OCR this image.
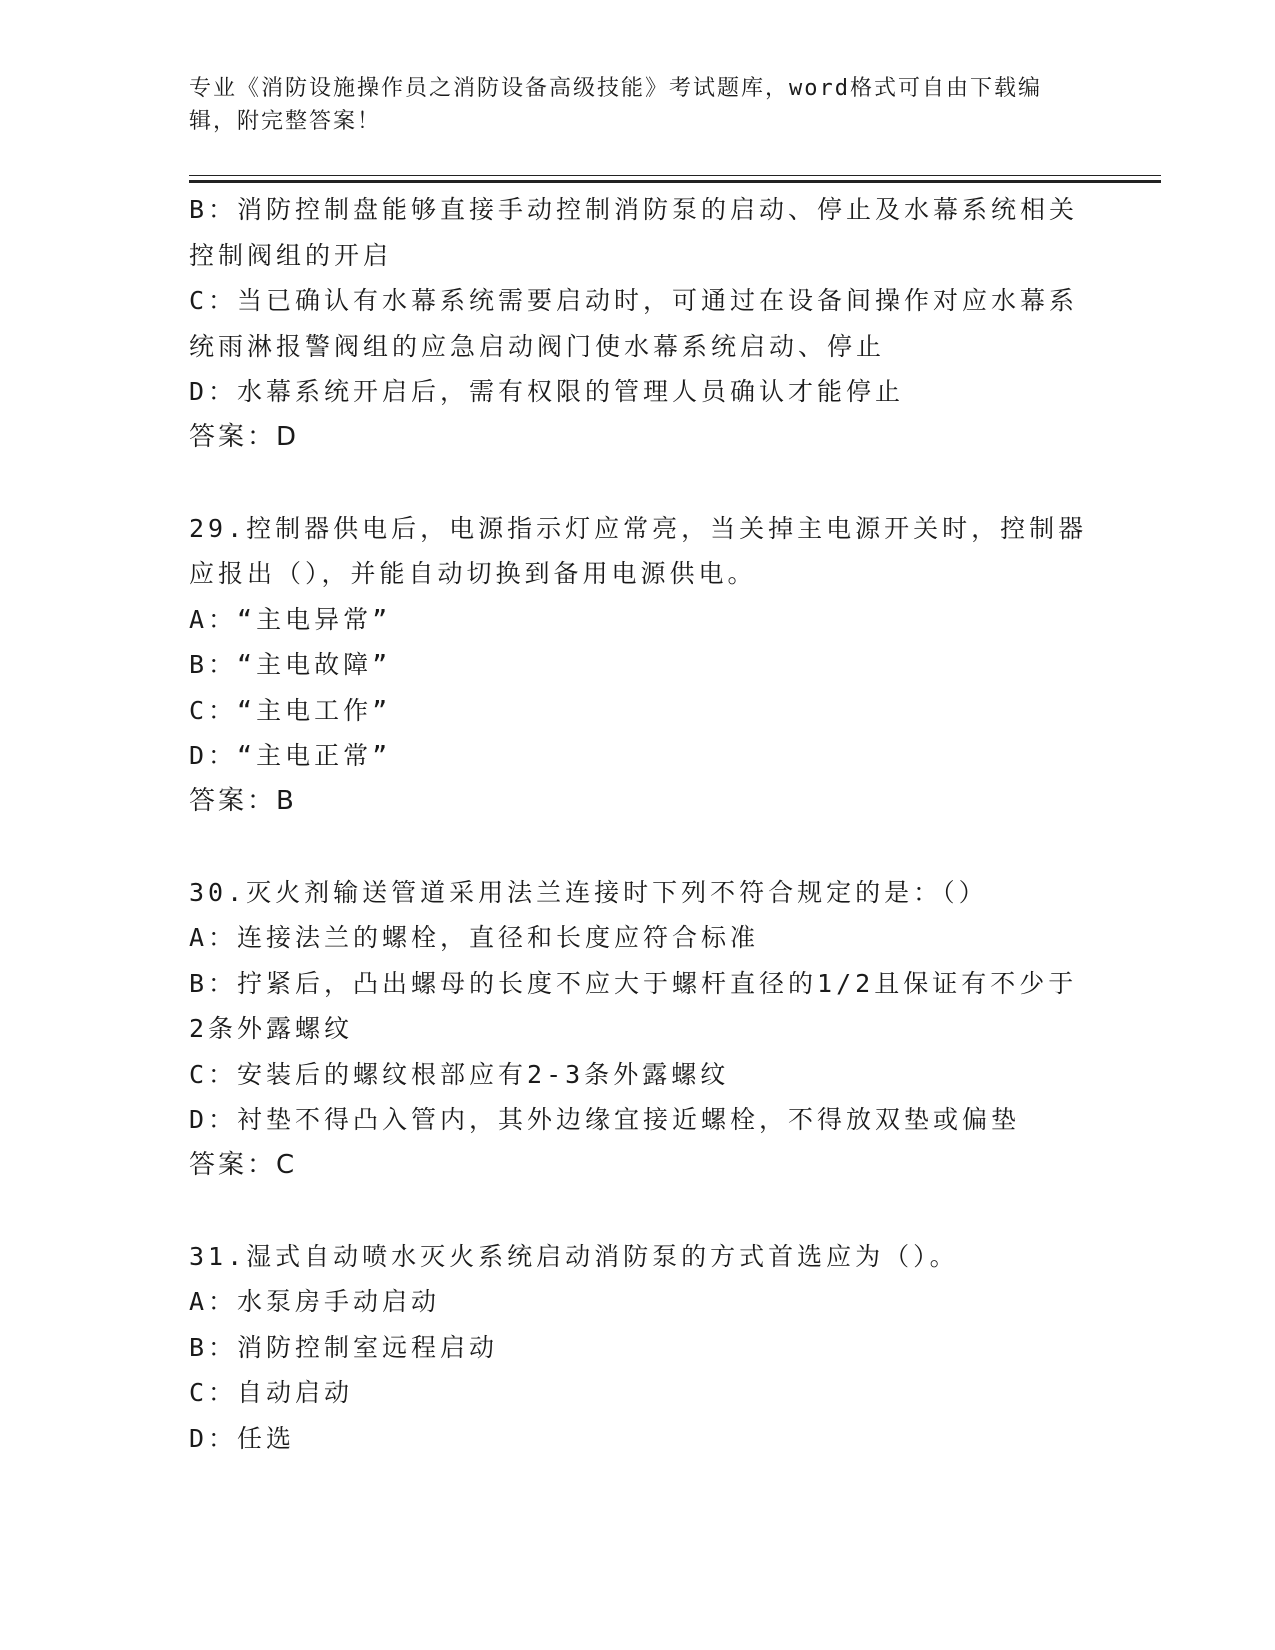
专业《消防设施操作员之消防设备高级技能》考试题库，word格式可自由下载编
辑，附完整答案！
B：消防控制盘能够直接手动控制消防泵的启动、停止及水幕系统相关
控制阀组的开启
C：当已确认有水幕系统需要启动时，可通过在设备间操作对应水幕系
统雨淋报警阀组的应急启动阀门使水幕系统启动、停止
D：水幕系统开启后，需有权限的管理人员确认才能停止
答案：D
29.控制器供电后，电源指示灯应常亮，当关掉主电源开关时，控制器
应报出（），并能自动切换到备用电源供电。
A：“主电异常”
B：“主电故障”
C：“主电工作”
D：“主电正常”
答案：B
30.灭火剂输送管道采用法兰连接时下列不符合规定的是：（）
A：连接法兰的螺栓，直径和长度应符合标准
B：拧紧后，凸出螺母的长度不应大于螺杆直径的1/2且保证有不少于
2条外露螺纹
C：安装后的螺纹根部应有2-3条外露螺纹
D：衬垫不得凸入管内，其外边缘宜接近螺栓，不得放双垫或偏垫
答案：C
31.湿式自动喷水灭火系统启动消防泵的方式首选应为（）。
A：水泵房手动启动
B：消防控制室远程启动
C：自动启动
D：任选
